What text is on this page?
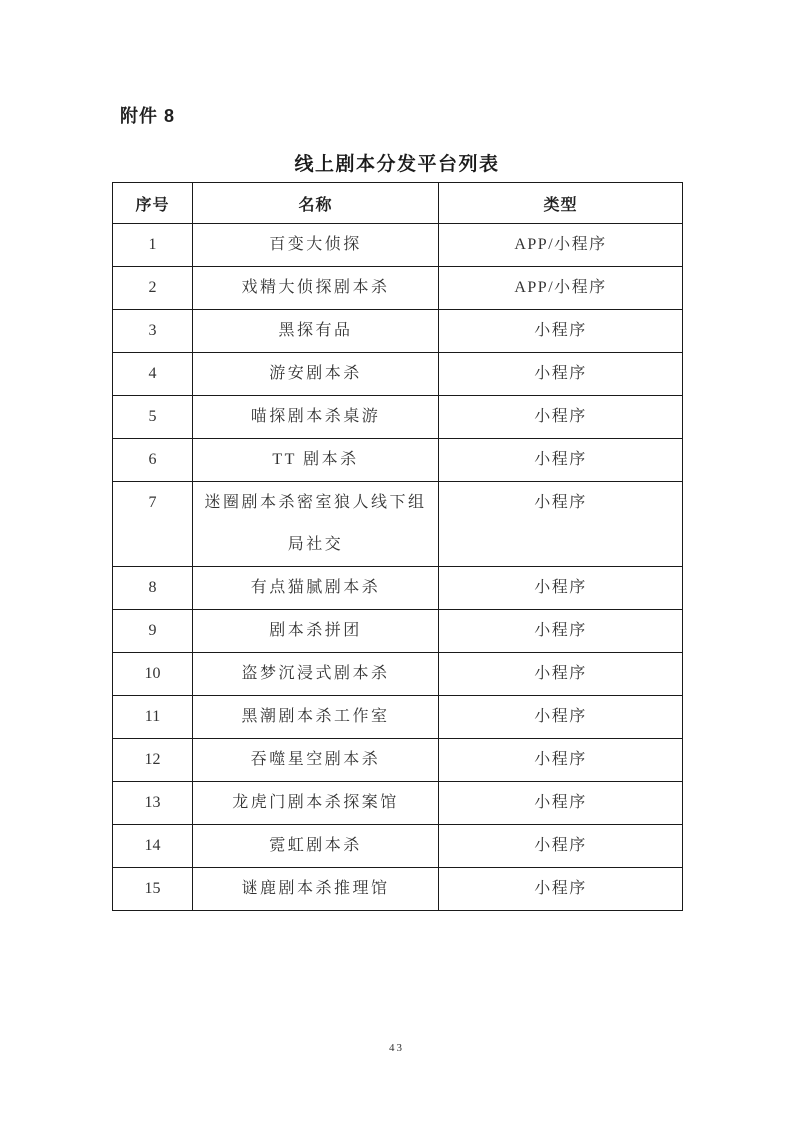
附件 8
线上剧本分发平台列表
序号	名称	类型
1	百变大侦探	APP/小程序
2	戏精大侦探剧本杀	APP/小程序
3	黑探有品	小程序
4	游安剧本杀	小程序
5	喵探剧本杀桌游	小程序
6	TT 剧本杀	小程序
7	迷圈剧本杀密室狼人线下组局社交	小程序
8	有点猫腻剧本杀	小程序
9	剧本杀拼团	小程序
10	盗梦沉浸式剧本杀	小程序
11	黑潮剧本杀工作室	小程序
12	吞噬星空剧本杀	小程序
13	龙虎门剧本杀探案馆	小程序
14	霓虹剧本杀	小程序
15	谜鹿剧本杀推理馆	小程序
43
